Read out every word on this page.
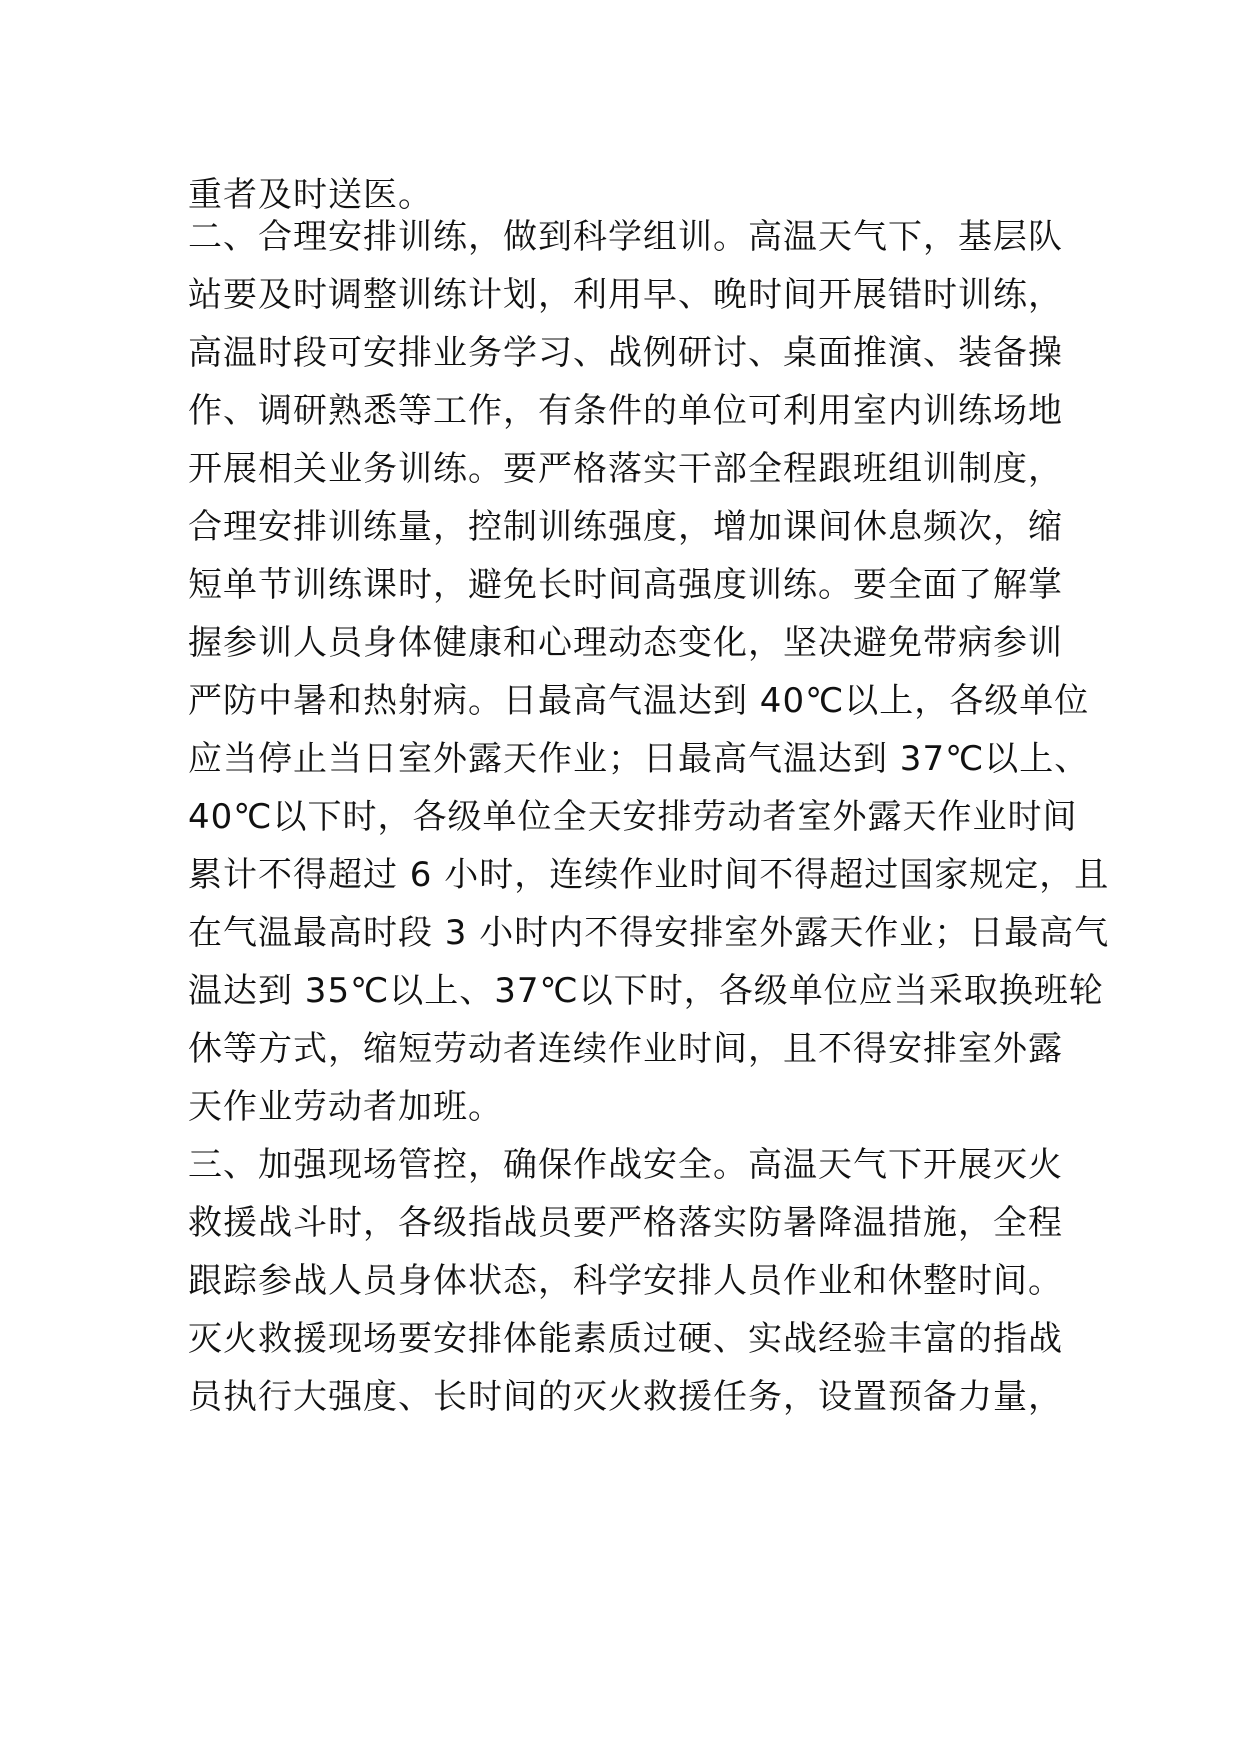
重者及时送医。
二、合理安排训练，做到科学组训。高温天气下，基层队
站要及时调整训练计划，利用早、晚时间开展错时训练，
高温时段可安排业务学习、战例研讨、桌面推演、装备操
作、调研熟悉等工作，有条件的单位可利用室内训练场地
开展相关业务训练。要严格落实干部全程跟班组训制度，
合理安排训练量，控制训练强度，增加课间休息频次，缩
短单节训练课时，避免长时间高强度训练。要全面了解掌
握参训人员身体健康和心理动态变化，坚决避免带病参训
严防中暑和热射病。日最高气温达到 40℃以上，各级单位
应当停止当日室外露天作业；日最高气温达到 37℃以上、
40℃以下时，各级单位全天安排劳动者室外露天作业时间
累计不得超过 6 小时，连续作业时间不得超过国家规定，且
在气温最高时段 3 小时内不得安排室外露天作业；日最高气
温达到 35℃以上、37℃以下时，各级单位应当采取换班轮
休等方式，缩短劳动者连续作业时间，且不得安排室外露
天作业劳动者加班。
三、加强现场管控，确保作战安全。高温天气下开展灭火
救援战斗时，各级指战员要严格落实防暑降温措施，全程
跟踪参战人员身体状态，科学安排人员作业和休整时间。
灭火救援现场要安排体能素质过硬、实战经验丰富的指战
员执行大强度、长时间的灭火救援任务，设置预备力量，
